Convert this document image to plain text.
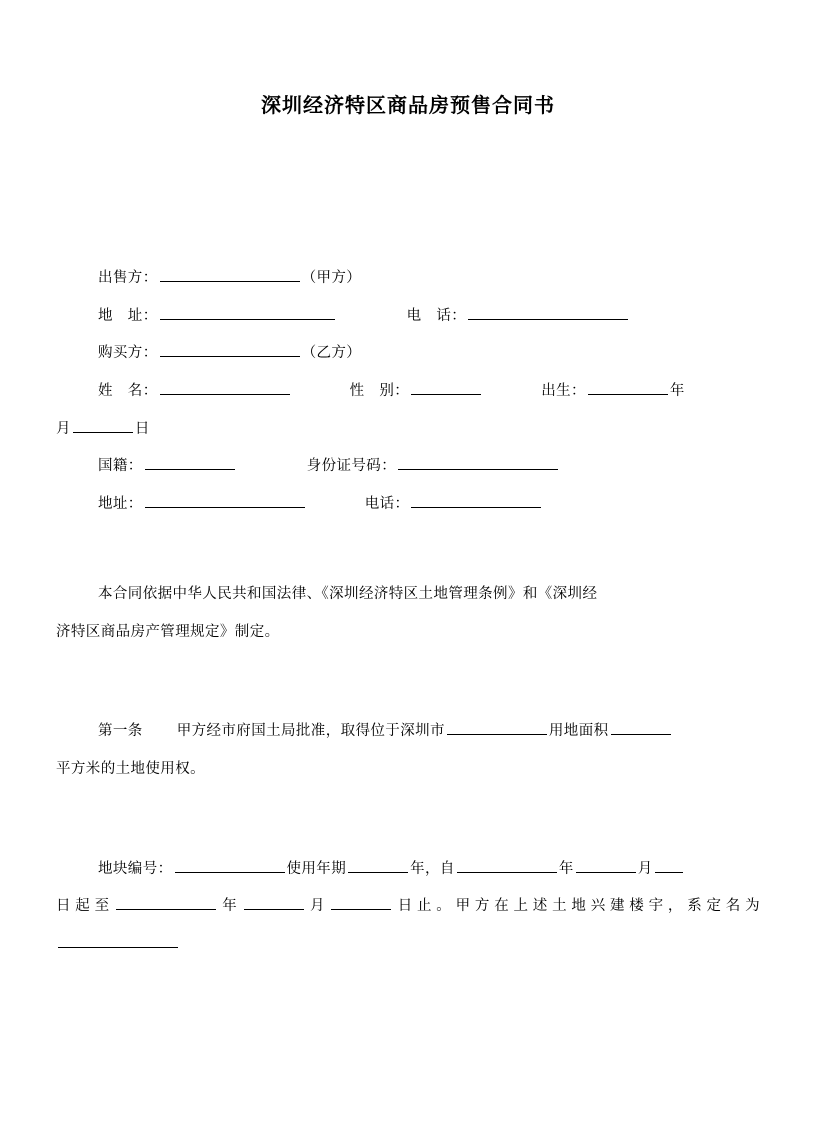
深圳经济特区商品房预售合同书

出售方：	（甲方）

地　址：	电　话：

购买方：	（乙方）

姓　名：	性　别：	出生：	年

月	日

国籍：	身份证号码：

地址：	电话：

本合同依据中华人民共和国法律、《深圳经济特区土地管理条例》和《深圳经

济特区商品房产管理规定》制定。

第一条 甲方经市府国土局批准，取得位于深圳市	用地面积

平方米的土地使用权。

地块编号：	使用年期	年，自	年	月

日起至	年	月	日止。甲方在上述土地兴建楼宇，系定名为
